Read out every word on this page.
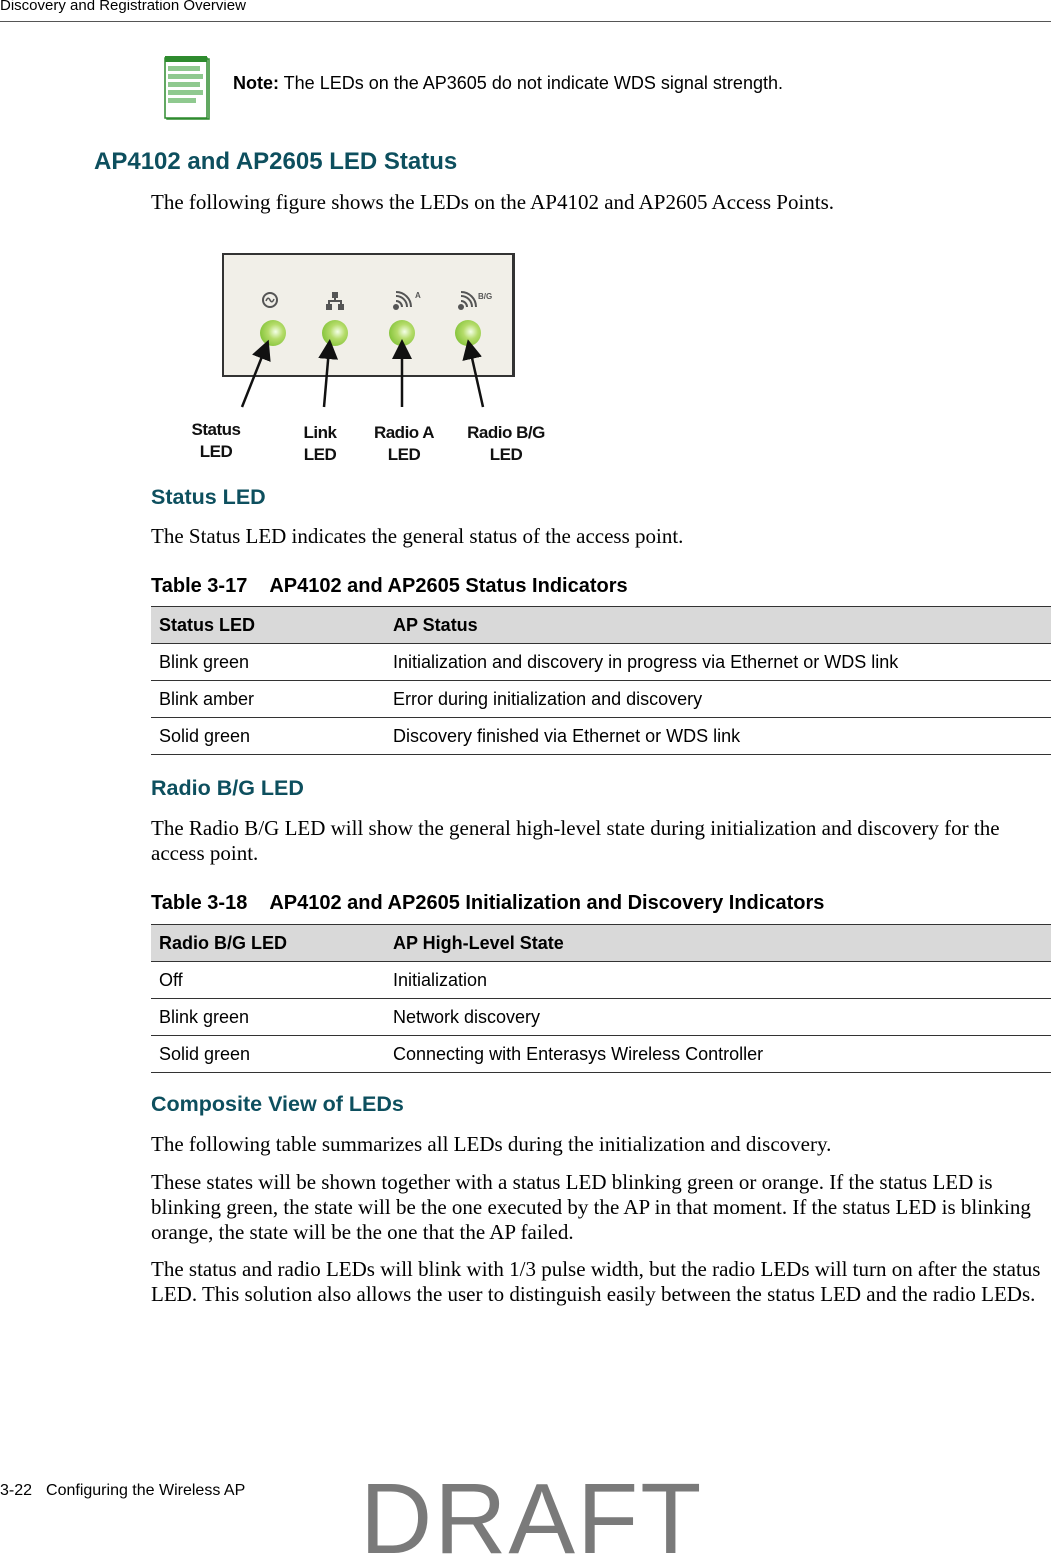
Discovery and Registration Overview
Note: The LEDs on the AP3605 do not indicate WDS signal strength.
AP4102 and AP2605 LED Status
The following figure shows the LEDs on the AP4102 and AP2605 Access Points.
A	B/G
Status
LED
Link
LED
Radio A
LED
Radio B/G
LED
Status LED
The Status LED indicates the general status of the access point.
Table 3-17 AP4102 and AP2605 Status Indicators
Status LED	AP Status
Blink green	Initialization and discovery in progress via Ethernet or WDS link
Blink amber	Error during initialization and discovery
Solid green	Discovery finished via Ethernet or WDS link
Radio B/G LED
The Radio B/G LED will show the general high-level state during initialization and discovery for the access point.
Table 3-18 AP4102 and AP2605 Initialization and Discovery Indicators
Radio B/G LED	AP High-Level State
Off	Initialization
Blink green	Network discovery
Solid green	Connecting with Enterasys Wireless Controller
Composite View of LEDs
The following table summarizes all LEDs during the initialization and discovery.
These states will be shown together with a status LED blinking green or orange. If the status LED is blinking green, the state will be the one executed by the AP in that moment. If the status LED is blinking orange, the state will be the one that the AP failed.
The status and radio LEDs will blink with 1/3 pulse width, but the radio LEDs will turn on after the status LED. This solution also allows the user to distinguish easily between the status LED and the radio LEDs.
3-22 Configuring the Wireless AP DRAFT
